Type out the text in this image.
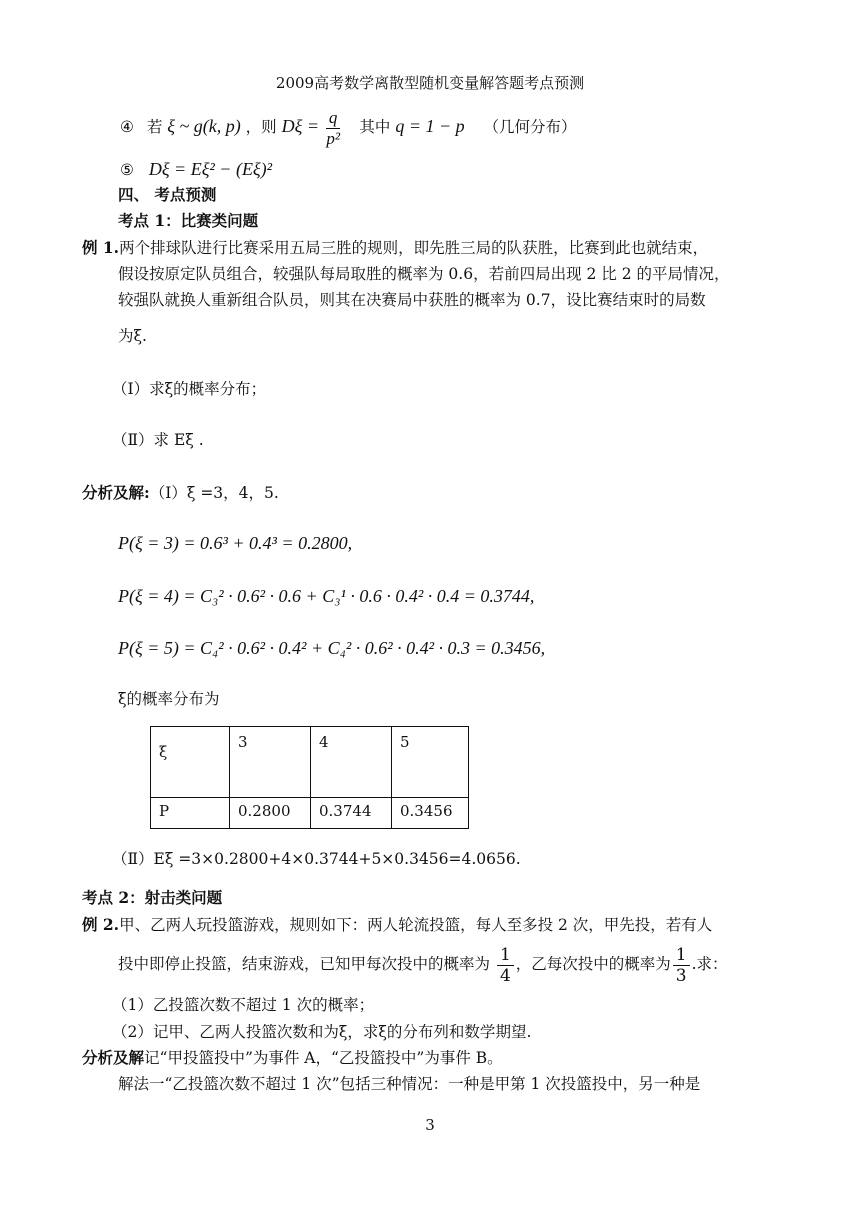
2009高考数学离散型随机变量解答题考点预测
④ 若 ξ ~ g(k, p) ，则 $D\xi = \frac{q}{\text{p²}}$ 其中 q = 1 − p （几何分布）
⑤ Dξ = Eξ² − (Eξ)²
四、 考点预测
考点 1：比赛类问题
例 1.两个排球队进行比赛采用五局三胜的规则，即先胜三局的队获胜，比赛到此也就结束，
假设按原定队员组合，较强队每局取胜的概率为 0.6，若前四局出现 2 比 2 的平局情况，
较强队就换人重新组合队员，则其在决赛局中获胜的概率为 0.7，设比赛结束时的局数
为ξ.
（Ⅰ）求ξ的概率分布；
（Ⅱ）求 Eξ .
分析及解:（Ⅰ）ξ =3，4，5.
P(ξ = 3) = 0.6³ + 0.4³ = 0.2800,
P(ξ = 4) = C₃² · 0.6² · 0.6 + C₃¹ · 0.6 · 0.4² · 0.4 = 0.3744,
P(ξ = 5) = C₄² · 0.6² · 0.4² + C₄² · 0.6² · 0.4² · 0.3 = 0.3456,
ξ的概率分布为
ξ	3	4	5
P	0.2800	0.3744	0.3456
（Ⅱ）Eξ =3×0.2800+4×0.3744+5×0.3456=4.0656.
考点 2：射击类问题
例 2.甲、乙两人玩投篮游戏，规则如下：两人轮流投篮，每人至多投 2 次，甲先投，若有人
投中即停止投篮，结束游戏，已知甲每次投中的概率为 $\frac{1}{4}$ ，乙每次投中的概率为 $\frac{1}{3}$ .求：
（1）乙投篮次数不超过 1 次的概率；
（2）记甲、乙两人投篮次数和为ξ，求ξ的分布列和数学期望.
分析及解记“甲投篮投中”为事件 A，“乙投篮投中”为事件 B。
解法一“乙投篮次数不超过 1 次”包括三种情况：一种是甲第 1 次投篮投中，另一种是
3
